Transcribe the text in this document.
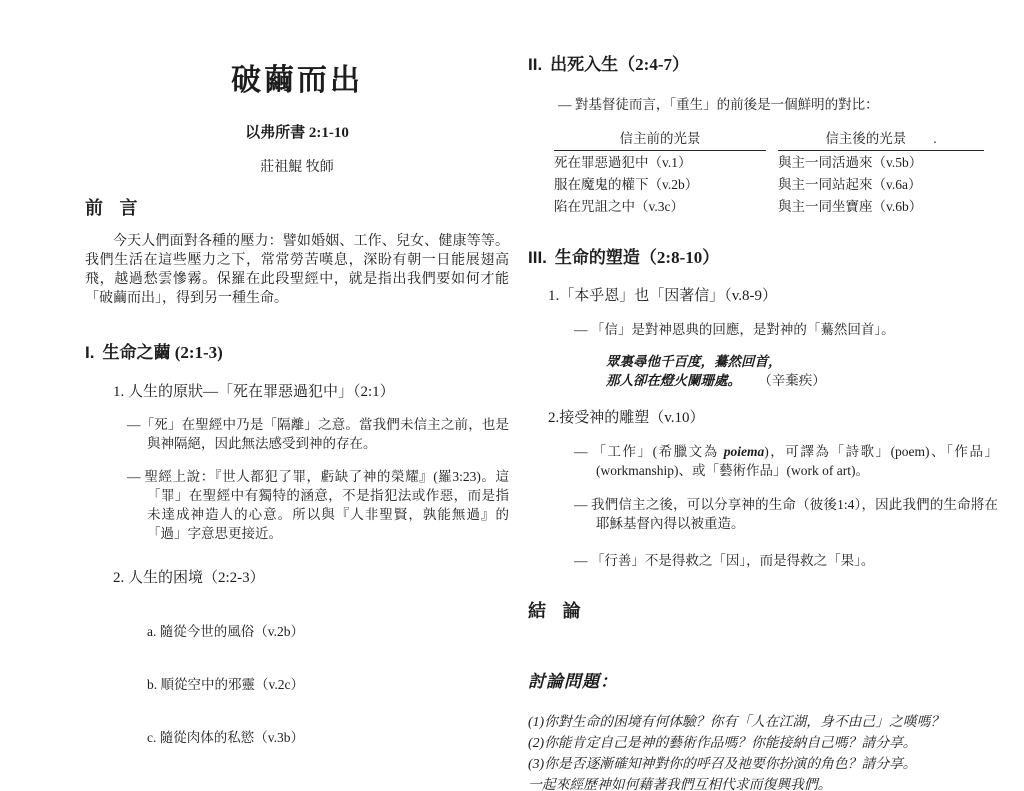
破繭而出
以弗所書 2:1-10
莊祖鯤 牧師
前 言
今天人們面對各種的壓力：譬如婚姻、工作、兒女、健康等等。我們生活在這些壓力之下，常常勞苦嘆息，深盼有朝一日能展翅高飛，越過愁雲慘霧。保羅在此段聖經中，就是指出我們要如何才能「破繭而出」，得到另一種生命。
I. 生命之繭 (2:1-3)
1. 人生的原狀—「死在罪惡過犯中」（2:1）
—「死」在聖經中乃是「隔離」之意。當我們未信主之前，也是與神隔絕，因此無法感受到神的存在。
— 聖經上說：『世人都犯了罪，虧缺了神的榮耀』(羅3:23)。這「罪」在聖經中有獨特的涵意，不是指犯法或作惡，而是指未達成神造人的心意。所以與『人非聖賢，孰能無過』的「過」字意思更接近。
2. 人生的困境（2:2-3）
a. 隨從今世的風俗（v.2b）
b. 順從空中的邪靈（v.2c）
c. 隨從肉体的私慾（v.3b）
II. 出死入生（2:4-7）
— 對基督徒而言，「重生」的前後是一個鮮明的對比：
信主前的光景
死在罪惡過犯中（v.1）
服在魔鬼的權下（v.2b）
陷在咒詛之中（v.3c）
信主後的光景　　.
與主一同活過來（v.5b）
與主一同站起來（v.6a）
與主一同坐寶座（v.6b）
III. 生命的塑造（2:8-10）
1.「本乎恩」也「因著信」（v.8-9）
— 「信」是對神恩典的回應，是對神的「驀然回首」。
眾裏尋他千百度，驀然回首，
那人卻在燈火闌珊處。 （辛棄疾）
2.接受神的雕塑（v.10）
— 「工作」(希臘文為 poiema)，可譯為「詩歌」(poem)、「作品」(workmanship)、或「藝術作品」(work of art)。
— 我們信主之後，可以分享神的生命（彼後1:4），因此我們的生命將在耶穌基督內得以被重造。
— 「行善」不是得救之「因」，而是得救之「果」。
結 論
討論問題：
(1)你對生命的困境有何体驗？你有「人在江湖，身不由己」之嘆嗎？
(2)你能肯定自己是神的藝術作品嗎？你能接納自己嗎？請分享。
(3)你是否逐漸確知神對你的呼召及祂要你扮演的角色？請分享。
一起來經歷神如何藉著我們互相代求而復興我們。
